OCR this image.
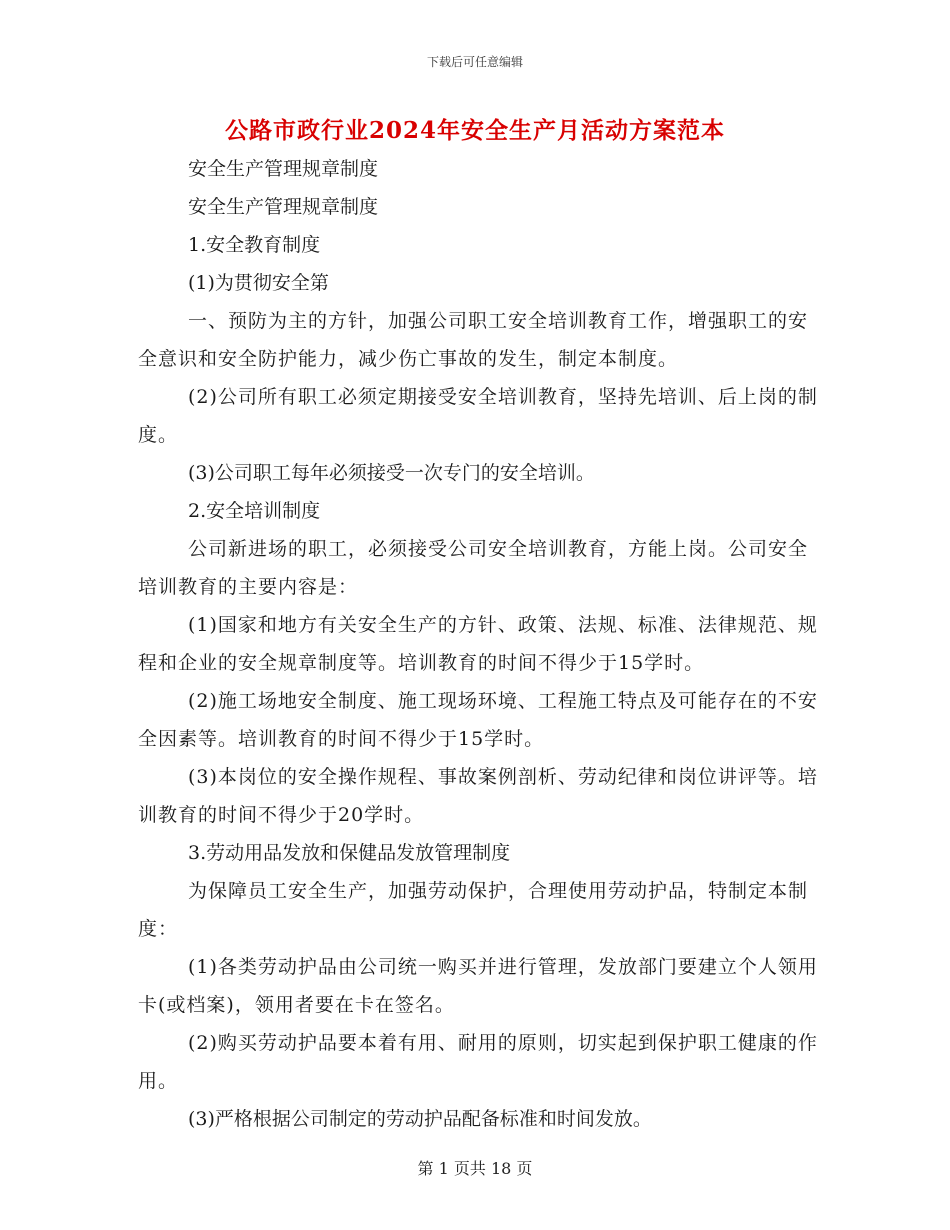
下载后可任意编辑
公路市政行业2024年安全生产月活动方案范本

安全生产管理规章制度

安全生产管理规章制度

1.安全教育制度

(1)为贯彻安全第

一、预防为主的方针，加强公司职工安全培训教育工作，增强职工的安全意识和安全防护能力，减少伤亡事故的发生，制定本制度。

(2)公司所有职工必须定期接受安全培训教育，坚持先培训、后上岗的制度。

(3)公司职工每年必须接受一次专门的安全培训。

2.安全培训制度

公司新进场的职工，必须接受公司安全培训教育，方能上岗。公司安全培训教育的主要内容是：

(1)国家和地方有关安全生产的方针、政策、法规、标准、法律规范、规程和企业的安全规章制度等。培训教育的时间不得少于15学时。

(2)施工场地安全制度、施工现场环境、工程施工特点及可能存在的不安全因素等。培训教育的时间不得少于15学时。

(3)本岗位的安全操作规程、事故案例剖析、劳动纪律和岗位讲评等。培训教育的时间不得少于20学时。

3.劳动用品发放和保健品发放管理制度

为保障员工安全生产，加强劳动保护，合理使用劳动护品，特制定本制度：

(1)各类劳动护品由公司统一购买并进行管理，发放部门要建立个人领用卡(或档案)，领用者要在卡在签名。

(2)购买劳动护品要本着有用、耐用的原则，切实起到保护职工健康的作用。

(3)严格根据公司制定的劳动护品配备标准和时间发放。

第 1 页共 18 页
